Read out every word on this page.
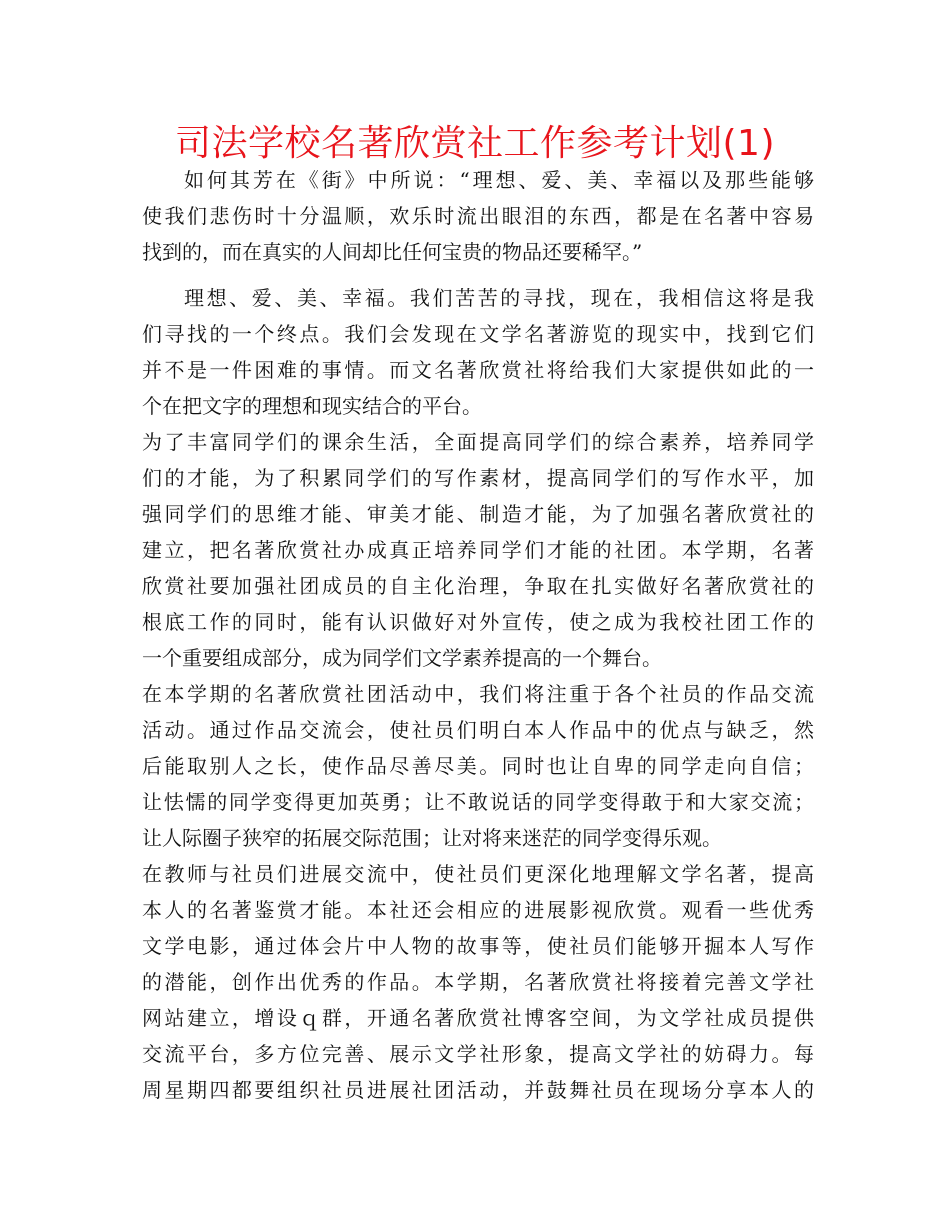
司法学校名著欣赏社工作参考计划(1)
如何其芳在《街》中所说：“理想、爱、美、幸福以及那些能够
使我们悲伤时十分温顺，欢乐时流出眼泪的东西，都是在名著中容易
找到的，而在真实的人间却比任何宝贵的物品还要稀罕。”
理想、爱、美、幸福。我们苦苦的寻找，现在，我相信这将是我
们寻找的一个终点。我们会发现在文学名著游览的现实中，找到它们
并不是一件困难的事情。而文名著欣赏社将给我们大家提供如此的一
个在把文字的理想和现实结合的平台。
为了丰富同学们的课余生活，全面提高同学们的综合素养，培养同学
们的才能，为了积累同学们的写作素材，提高同学们的写作水平，加
强同学们的思维才能、审美才能、制造才能，为了加强名著欣赏社的
建立，把名著欣赏社办成真正培养同学们才能的社团。本学期，名著
欣赏社要加强社团成员的自主化治理，争取在扎实做好名著欣赏社的
根底工作的同时，能有认识做好对外宣传，使之成为我校社团工作的
一个重要组成部分，成为同学们文学素养提高的一个舞台。
在本学期的名著欣赏社团活动中，我们将注重于各个社员的作品交流
活动。通过作品交流会，使社员们明白本人作品中的优点与缺乏，然
后能取别人之长，使作品尽善尽美。同时也让自卑的同学走向自信；
让怯懦的同学变得更加英勇；让不敢说话的同学变得敢于和大家交流；
让人际圈子狭窄的拓展交际范围；让对将来迷茫的同学变得乐观。
在教师与社员们进展交流中，使社员们更深化地理解文学名著，提高
本人的名著鉴赏才能。本社还会相应的进展影视欣赏。观看一些优秀
文学电影，通过体会片中人物的故事等，使社员们能够开掘本人写作
的潜能，创作出优秀的作品。本学期，名著欣赏社将接着完善文学社
网站建立，增设ｑ群，开通名著欣赏社博客空间，为文学社成员提供
交流平台，多方位完善、展示文学社形象，提高文学社的妨碍力。每
周星期四都要组织社员进展社团活动，并鼓舞社员在现场分享本人的
